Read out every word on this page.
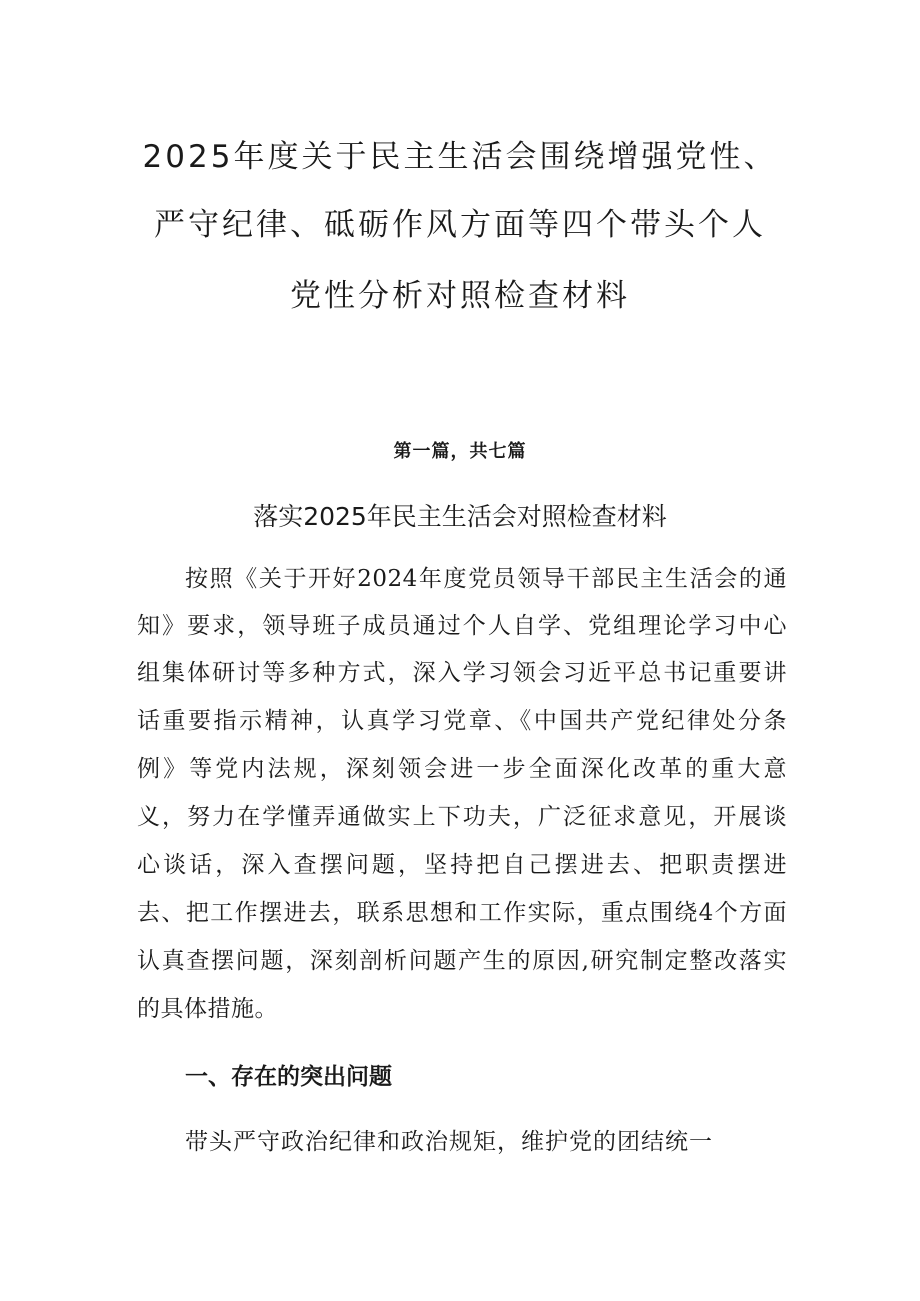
2025年度关于民主生活会围绕增强党性、
严守纪律、砥砺作风方面等四个带头个人
党性分析对照检查材料
第一篇，共七篇
落实2025年民主生活会对照检查材料
按照《关于开好2024年度党员领导干部民主生活会的通
知》要求，领导班子成员通过个人自学、党组理论学习中心
组集体研讨等多种方式，深入学习领会习近平总书记重要讲
话重要指示精神，认真学习党章、《中国共产党纪律处分条
例》等党内法规，深刻领会进一步全面深化改革的重大意
义，努力在学懂弄通做实上下功夫，广泛征求意见，开展谈
心谈话，深入查摆问题，坚持把自己摆进去、把职责摆进
去、把工作摆进去，联系思想和工作实际，重点围绕4个方面
认真查摆问题，深刻剖析问题产生的原因,研究制定整改落实
的具体措施。
一、存在的突出问题
带头严守政治纪律和政治规矩，维护党的团结统一
